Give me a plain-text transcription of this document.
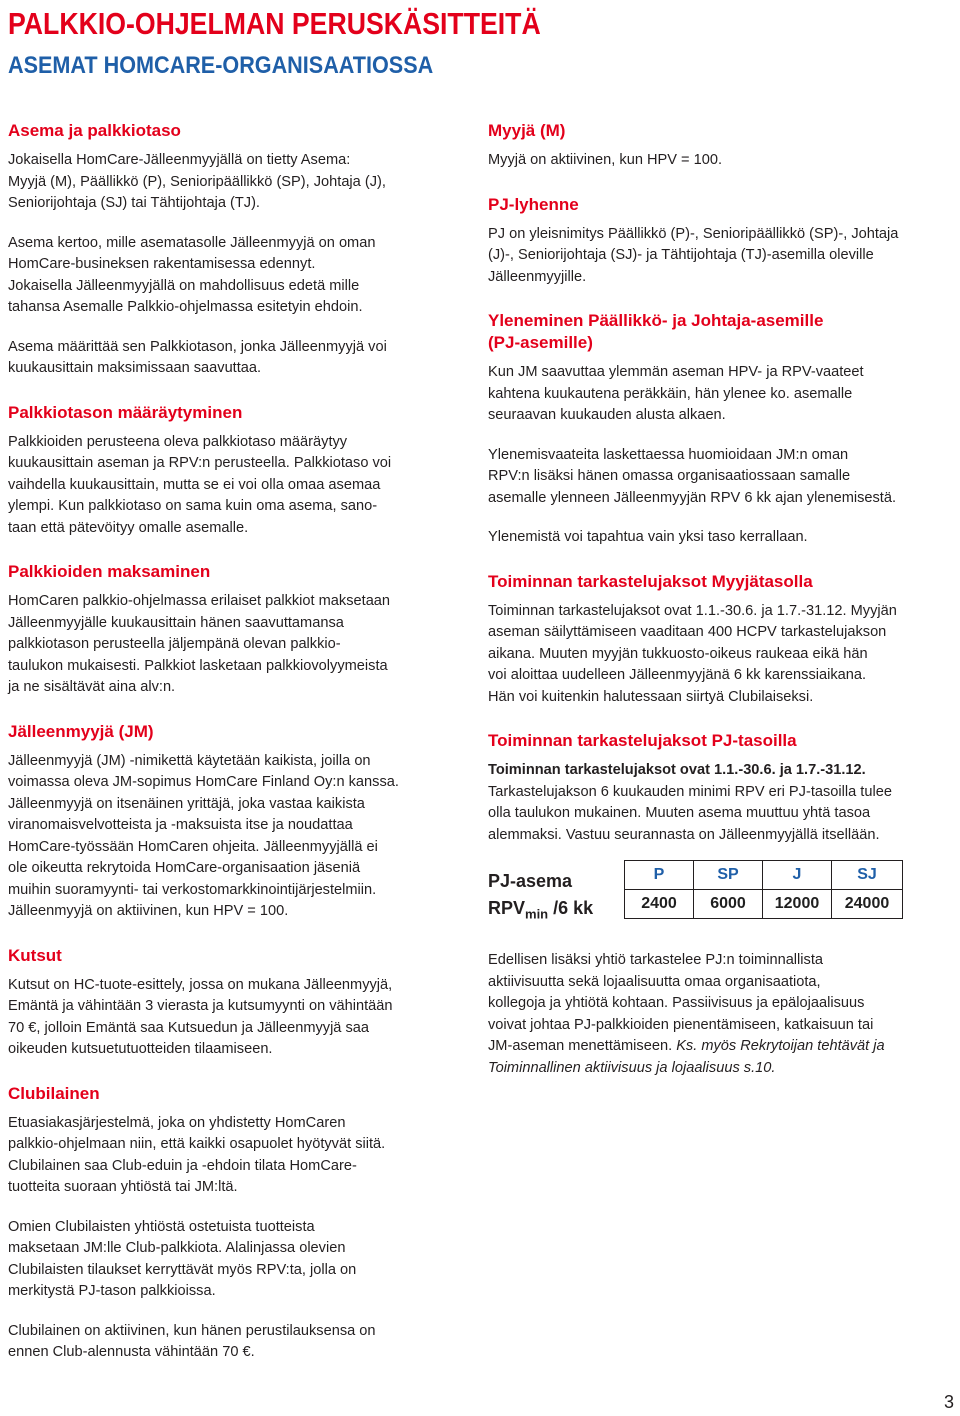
PALKKIO-OHJELMAN PERUSKÄSITTEITÄ
ASEMAT HOMCARE-ORGANISAATIOSSA
Asema ja palkkiotaso

Jokaisella HomCare-Jälleenmyyjällä on tietty Asema:
Myyjä (M), Päällikkö (P), Senioripäällikkö (SP), Johtaja (J),
Seniorijohtaja (SJ) tai Tähtijohtaja (TJ).

Asema kertoo, mille asematasolle Jälleenmyyjä on oman
HomCare-busineksen rakentamisessa edennyt.
Jokaisella Jälleenmyyjällä on mahdollisuus edetä mille
tahansa Asemalle Palkkio-ohjelmassa esitetyin ehdoin.

Asema määrittää sen Palkkiotason, jonka Jälleenmyyjä voi
kuukausittain maksimissaan saavuttaa.

Palkkiotason määräytyminen

Palkkioiden perusteena oleva palkkiotaso määräytyy
kuukausittain aseman ja RPV:n perusteella. Palkkiotaso voi
vaihdella kuukausittain, mutta se ei voi olla omaa asemaa
ylempi. Kun palkkiotaso on sama kuin oma asema, sano-
taan että pätevöityy omalle asemalle.

Palkkioiden maksaminen

HomCaren palkkio-ohjelmassa erilaiset palkkiot maksetaan
Jälleenmyyjälle kuukausittain hänen saavuttamansa
palkkiotason perusteella jäljempänä olevan palkkio-
taulukon mukaisesti. Palkkiot lasketaan palkkiovolyymeista
ja ne sisältävät aina alv:n.

Jälleenmyyjä (JM)

Jälleenmyyjä (JM) -nimikettä käytetään kaikista, joilla on
voimassa oleva JM-sopimus HomCare Finland Oy:n kanssa.
Jälleenmyyjä on itsenäinen yrittäjä, joka vastaa kaikista
viranomaisvelvotteista ja -maksuista itse ja noudattaa
HomCare-työssään HomCaren ohjeita. Jälleenmyyjällä ei
ole oikeutta rekrytoida HomCare-organisaation jäseniä
muihin suoramyynti- tai verkostomarkkinointijärjestelmiin.
Jälleenmyyjä on aktiivinen, kun HPV = 100.

Kutsut

Kutsut on HC-tuote-esittely, jossa on mukana Jälleenmyyjä,
Emäntä ja vähintään 3 vierasta ja kutsumyynti on vähintään
70 €, jolloin Emäntä saa Kutsuedun ja Jälleenmyyjä saa
oikeuden kutsuetutuotteiden tilaamiseen.

Clubilainen

Etuasiakasjärjestelmä, joka on yhdistetty HomCaren
palkkio-ohjelmaan niin, että kaikki osapuolet hyötyvät siitä.
Clubilainen saa Club-eduin ja -ehdoin tilata HomCare-
tuotteita suoraan yhtiöstä tai JM:ltä.

Omien Clubilaisten yhtiöstä ostetuista tuotteista
maksetaan JM:lle Club-palkkiota. Alalinjassa olevien
Clubilaisten tilaukset kerryttävät myös RPV:ta, jolla on
merkitystä PJ-tason palkkioissa.

Clubilainen on aktiivinen, kun hänen perustilauksensa on
ennen Club-alennusta vähintään 70 €.

Myyjä (M)

Myyjä on aktiivinen, kun HPV = 100.

PJ-lyhenne

PJ on yleisnimitys Päällikkö (P)-, Senioripäällikkö (SP)-, Johtaja
(J)-, Seniorijohtaja (SJ)- ja Tähtijohtaja (TJ)-asemilla oleville
Jälleenmyyjille.

Yleneminen Päällikkö- ja Johtaja-asemille
(PJ-asemille)

Kun JM saavuttaa ylemmän aseman HPV- ja RPV-vaateet
kahtena kuukautena peräkkäin, hän ylenee ko. asemalle
seuraavan kuukauden alusta alkaen.

Ylenemisvaateita laskettaessa huomioidaan JM:n oman
RPV:n lisäksi hänen omassa organisaatiossaan samalle
asemalle ylenneen Jälleenmyyjän RPV 6 kk ajan ylenemisestä.

Ylenemistä voi tapahtua vain yksi taso kerrallaan.

Toiminnan tarkastelujaksot Myyjätasolla

Toiminnan tarkastelujaksot ovat 1.1.-30.6. ja 1.7.-31.12. Myyjän
aseman säilyttämiseen vaaditaan 400 HCPV tarkastelujakson
aikana. Muuten myyjän tukkuosto-oikeus raukeaa eikä hän
voi aloittaa uudelleen Jälleenmyyjänä 6 kk karenssiaikana.
Hän voi kuitenkin halutessaan siirtyä Clubilaiseksi.

Toiminnan tarkastelujaksot PJ-tasoilla

Toiminnan tarkastelujaksot ovat 1.1.-30.6. ja 1.7.-31.12.
Tarkastelujakson 6 kuukauden minimi RPV eri PJ-tasoilla tulee
olla taulukon mukainen. Muuten asema muuttuu yhtä tasoa
alemmaksi. Vastuu seurannasta on Jälleenmyyjällä itsellään.

PJ-asema
$RPV_{min}$ /6 kk
P	SP	J	SJ
2400	6000	12000	24000

Edellisen lisäksi yhtiö tarkastelee PJ:n toiminnallista
aktiivisuutta sekä lojaalisuutta omaa organisaatiota,
kollegoja ja yhtiötä kohtaan. Passiivisuus ja epälojaalisuus
voivat johtaa PJ-palkkioiden pienentämiseen, katkaisuun tai
JM-aseman menettämiseen. Ks. myös Rekrytoijan tehtävät ja
Toiminnallinen aktiivisuus ja lojaalisuus s.10.

3
